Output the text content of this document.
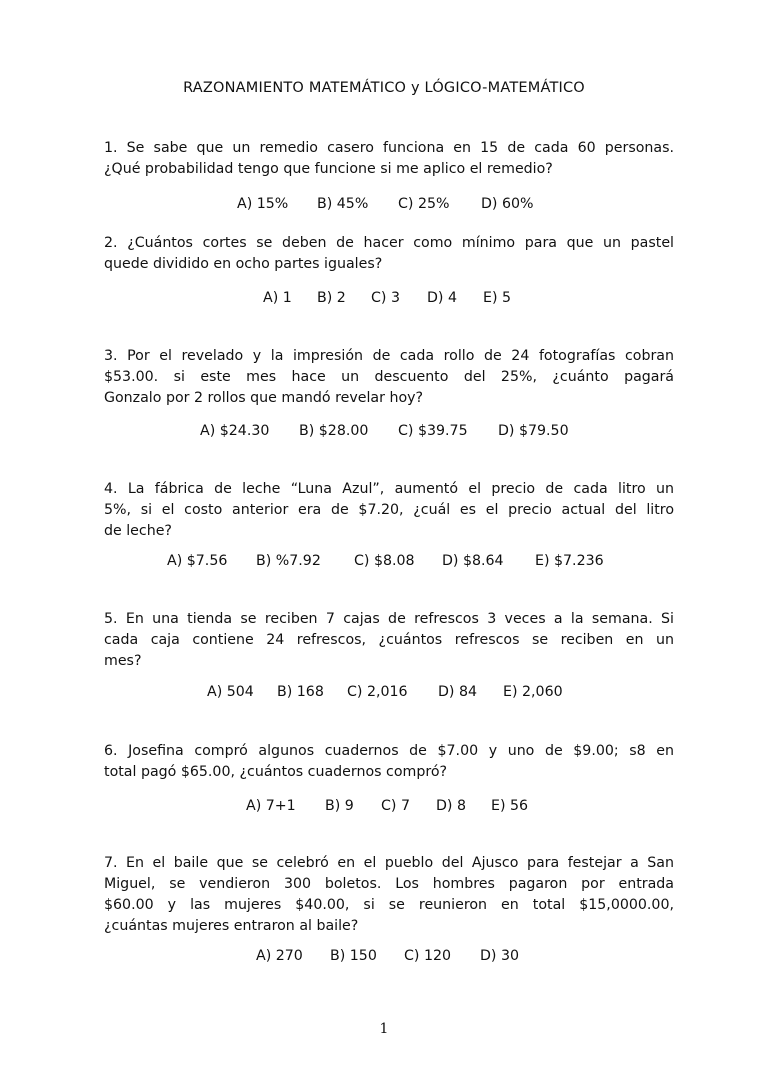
RAZONAMIENTO MATEMÁTICO y LÓGICO-MATEMÁTICO
1. Se sabe que un remedio casero funciona en 15 de cada 60 personas.
¿Qué probabilidad tengo que funcione si me aplico el remedio?
A) 15% B) 45% C) 25% D) 60%
2. ¿Cuántos cortes se deben de hacer como mínimo para que un pastel
quede dividido en ocho partes iguales?
A) 1 B) 2 C) 3 D) 4 E) 5
3. Por el revelado y la impresión de cada rollo de 24 fotografías cobran
$53.00. si este mes hace un descuento del 25%, ¿cuánto pagará
Gonzalo por 2 rollos que mandó revelar hoy?
A) $24.30 B) $28.00 C) $39.75 D) $79.50
4. La fábrica de leche “Luna Azul”, aumentó el precio de cada litro un
5%, si el costo anterior era de $7.20, ¿cuál es el precio actual del litro
de leche?
A) $7.56 B) %7.92 C) $8.08 D) $8.64 E) $7.236
5. En una tienda se reciben 7 cajas de refrescos 3 veces a la semana. Si
cada caja contiene 24 refrescos, ¿cuántos refrescos se reciben en un
mes?
A) 504 B) 168 C) 2,016 D) 84 E) 2,060
6. Josefina compró algunos cuadernos de $7.00 y uno de $9.00; s8 en
total pagó $65.00, ¿cuántos cuadernos compró?
A) 7+1 B) 9 C) 7 D) 8 E) 56
7. En el baile que se celebró en el pueblo del Ajusco para festejar a San
Miguel, se vendieron 300 boletos. Los hombres pagaron por entrada
$60.00 y las mujeres $40.00, si se reunieron en total $15,0000.00,
¿cuántas mujeres entraron al baile?
A) 270 B) 150 C) 120 D) 30
1
